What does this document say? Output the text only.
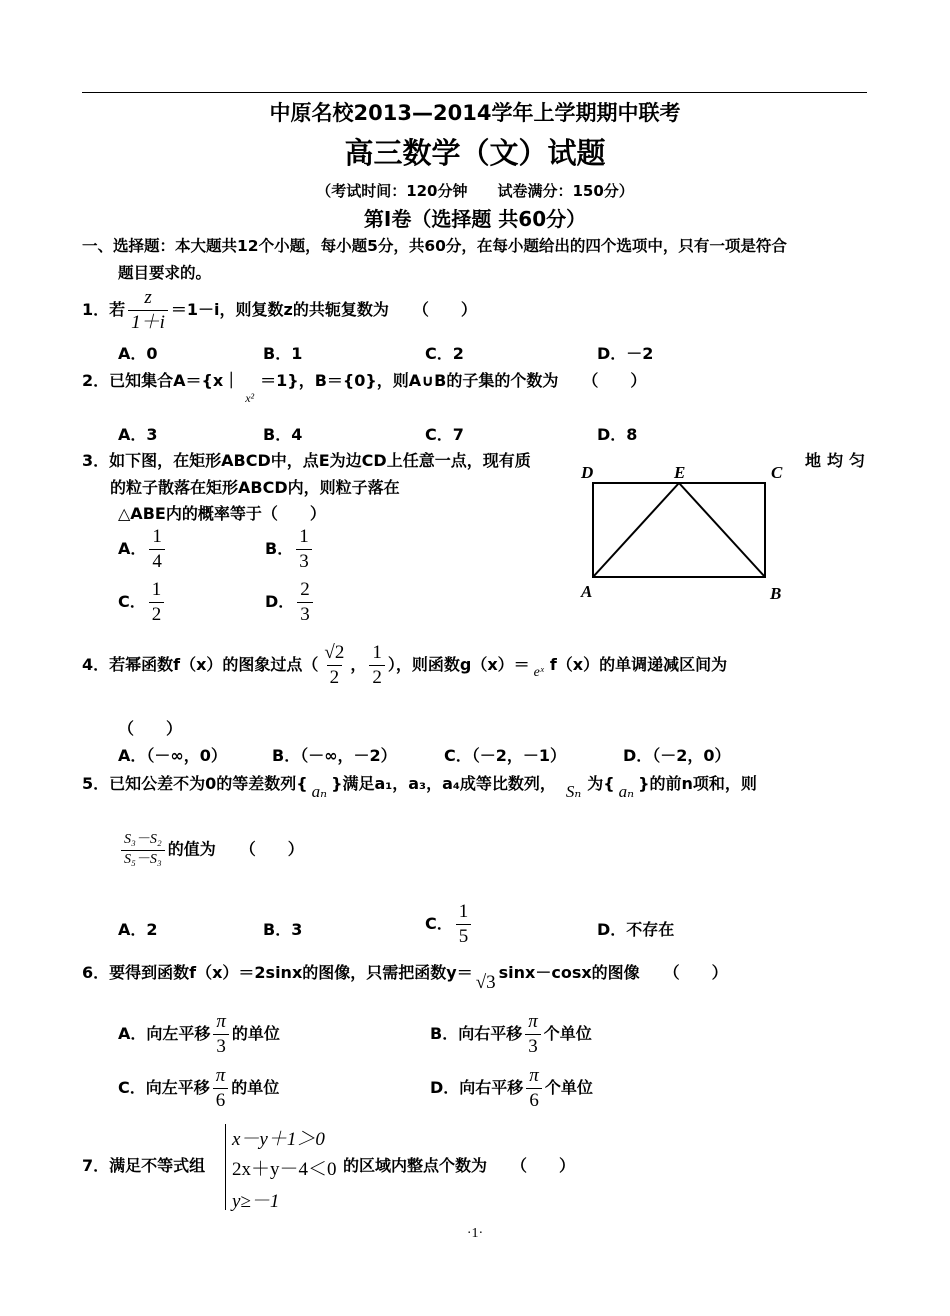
中原名校2013—2014学年上学期期中联考
高三数学（文）试题
（考试时间：120分钟　　试卷满分：150分）
第Ⅰ卷（选择题 共60分）
一、选择题：本大题共12个小题，每小题5分，共60分，在每小题给出的四个选项中，只有一项是符合
题目要求的。
1．若 $\frac{z}{1+i} =1-i$，则复数z的共轭复数为　　（　　）
A．0	B．1	C．2	D．－2
2．已知集合$A=\{x|_{x^2}=1\}$，B＝{0}，则A∪B的子集的个数为　　（　　）
A．3	B．4	C．7	D．8
3．如下图，在矩形ABCD中，点E为边CD上任意一点，现有质	地均匀
的粒子散落在矩形ABCD内，则粒子落在
△ABE内的概率等于（　　）
A． $\frac{1}{4}$	B． $\frac{1}{3}$
C． $\frac{1}{2}$	D． $\frac{2}{3}$
D	E	C
A	B
4．若幂函数f（x）的图象过点（ $\frac{√2}{2}$ ， $\frac{1}{2}$ ），则函数g（x）＝ eˣ f（x）的单调递减区间为
（　　）
A．（－∞，0）	B．（－∞，－2）	C．（－2，－1）	D．（－2，0）
5．已知公差不为0的等差数列{ aₙ }满足a₁，a₃，a₄成等比数列， Sₙ 为{ aₙ }的前n项和，则
$\frac{\text{S₃－S₂}}{\text{S₅－S₃}}$ 的值为　　（　　）
A．2	B．3	C． $\frac{1}{5}$	D．不存在
6．要得到函数f（x）＝2sinx的图像，只需把函数y＝ √3 sinx－cosx的图像　　（　　）
A．向左平移 $\frac{\pi}{3}$ 的单位	B．向右平移 $\frac{\pi}{3}$ 个单位
C．向左平移 $\frac{\pi}{6}$ 的单位	D．向右平移 $\frac{\pi}{6}$ 个单位
7．满足不等式组
x－y＋1＞0
2x＋y－4＜0
y≥－1
的区域内整点个数为　　（　　）
·1·
